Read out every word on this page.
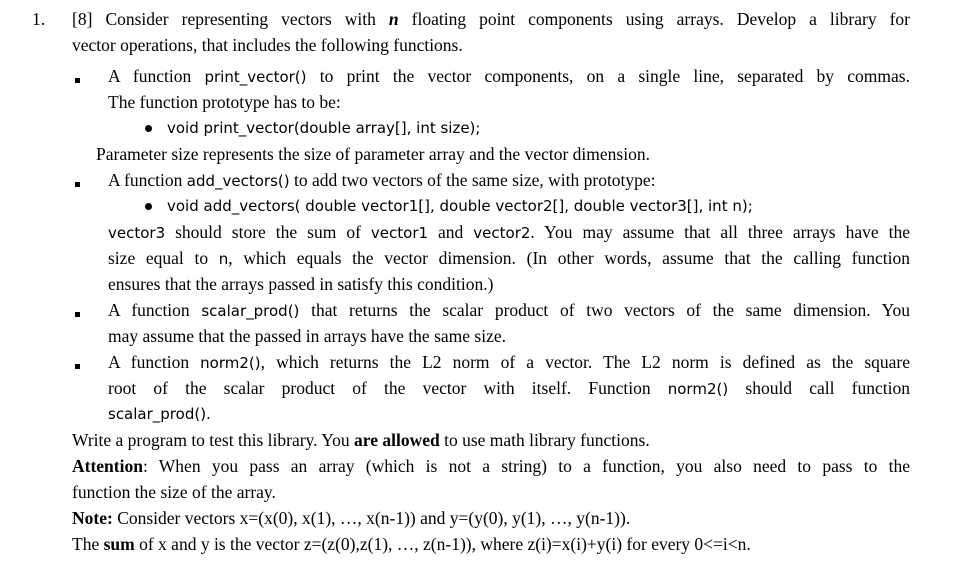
1. [8] Consider representing vectors with n floating point components using arrays. Develop a library for
vector operations, that includes the following functions.
A function print_vector() to print the vector components, on a single line, separated by commas.
The function prototype has to be:
void print_vector(double array[], int size);
Parameter size represents the size of parameter array and the vector dimension.
A function add_vectors() to add two vectors of the same size, with prototype:
void add_vectors( double vector1[], double vector2[], double vector3[], int n);
vector3 should store the sum of vector1 and vector2. You may assume that all three arrays have the
size equal to n, which equals the vector dimension. (In other words, assume that the calling function
ensures that the arrays passed in satisfy this condition.)
A function scalar_prod() that returns the scalar product of two vectors of the same dimension. You
may assume that the passed in arrays have the same size.
A function norm2(), which returns the L2 norm of a vector. The L2 norm is defined as the square
root of the scalar product of the vector with itself. Function norm2() should call function
scalar_prod().
Write a program to test this library. You are allowed to use math library functions.
Attention: When you pass an array (which is not a string) to a function, you also need to pass to the
function the size of the array.
Note: Consider vectors x=(x(0), x(1), …, x(n-1)) and y=(y(0), y(1), …, y(n-1)).
The sum of x and y is the vector z=(z(0),z(1), …, z(n-1)), where z(i)=x(i)+y(i) for every 0<=i<n.
